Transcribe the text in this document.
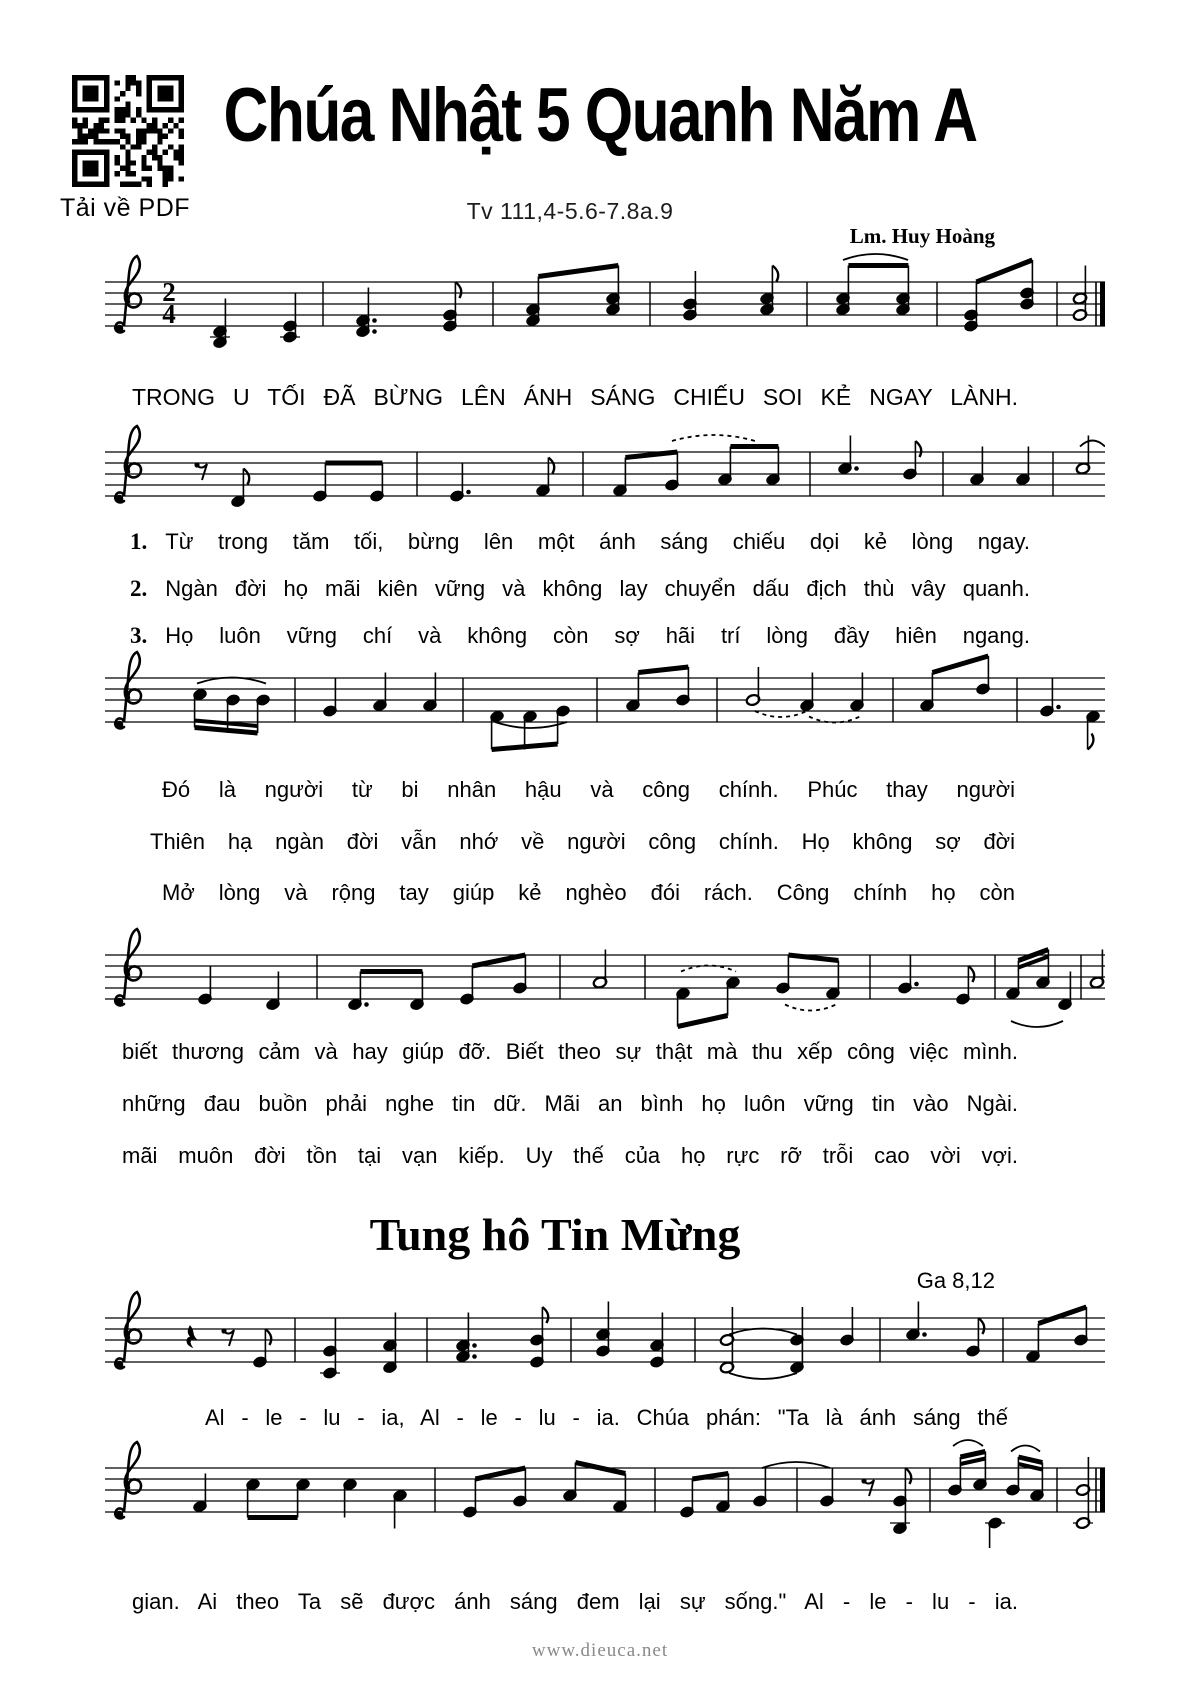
Tải về PDF
Chúa Nhật 5 Quanh Năm A
Tv 111,4-5.6-7.8a.9
Lm. Huy Hoàng
2
4
TRONG U TỐI ĐÃ BỪNG LÊN ÁNH SÁNG CHIẾU SOI KẺ NGAY LÀNH.
1. Từ trong tăm tối, bừng lên một ánh sáng chiếu dọi kẻ lòng ngay.
2. Ngàn đời họ mãi kiên vững và không lay chuyển dấu địch thù vây quanh.
3. Họ luôn vững chí và không còn sợ hãi trí lòng đầy hiên ngang.
Đó là người từ bi nhân hậu và công chính. Phúc thay người
Thiên hạ ngàn đời vẫn nhớ về người công chính. Họ không sợ đời
Mở lòng và rộng tay giúp kẻ nghèo đói rách. Công chính họ còn
biết thương cảm và hay giúp đỡ. Biết theo sự thật mà thu xếp công việc mình.
những đau buồn phải nghe tin dữ. Mãi an bình họ luôn vững tin vào Ngài.
mãi muôn đời tồn tại vạn kiếp. Uy thế của họ rực rỡ trỗi cao vời vợi.
Tung hô Tin Mừng
Ga 8,12
Al - le - lu - ia, Al - le - lu - ia. Chúa phán: "Ta là ánh sáng thế
gian. Ai theo Ta sẽ được ánh sáng đem lại sự sống." Al - le - lu - ia.
www.dieuca.net
